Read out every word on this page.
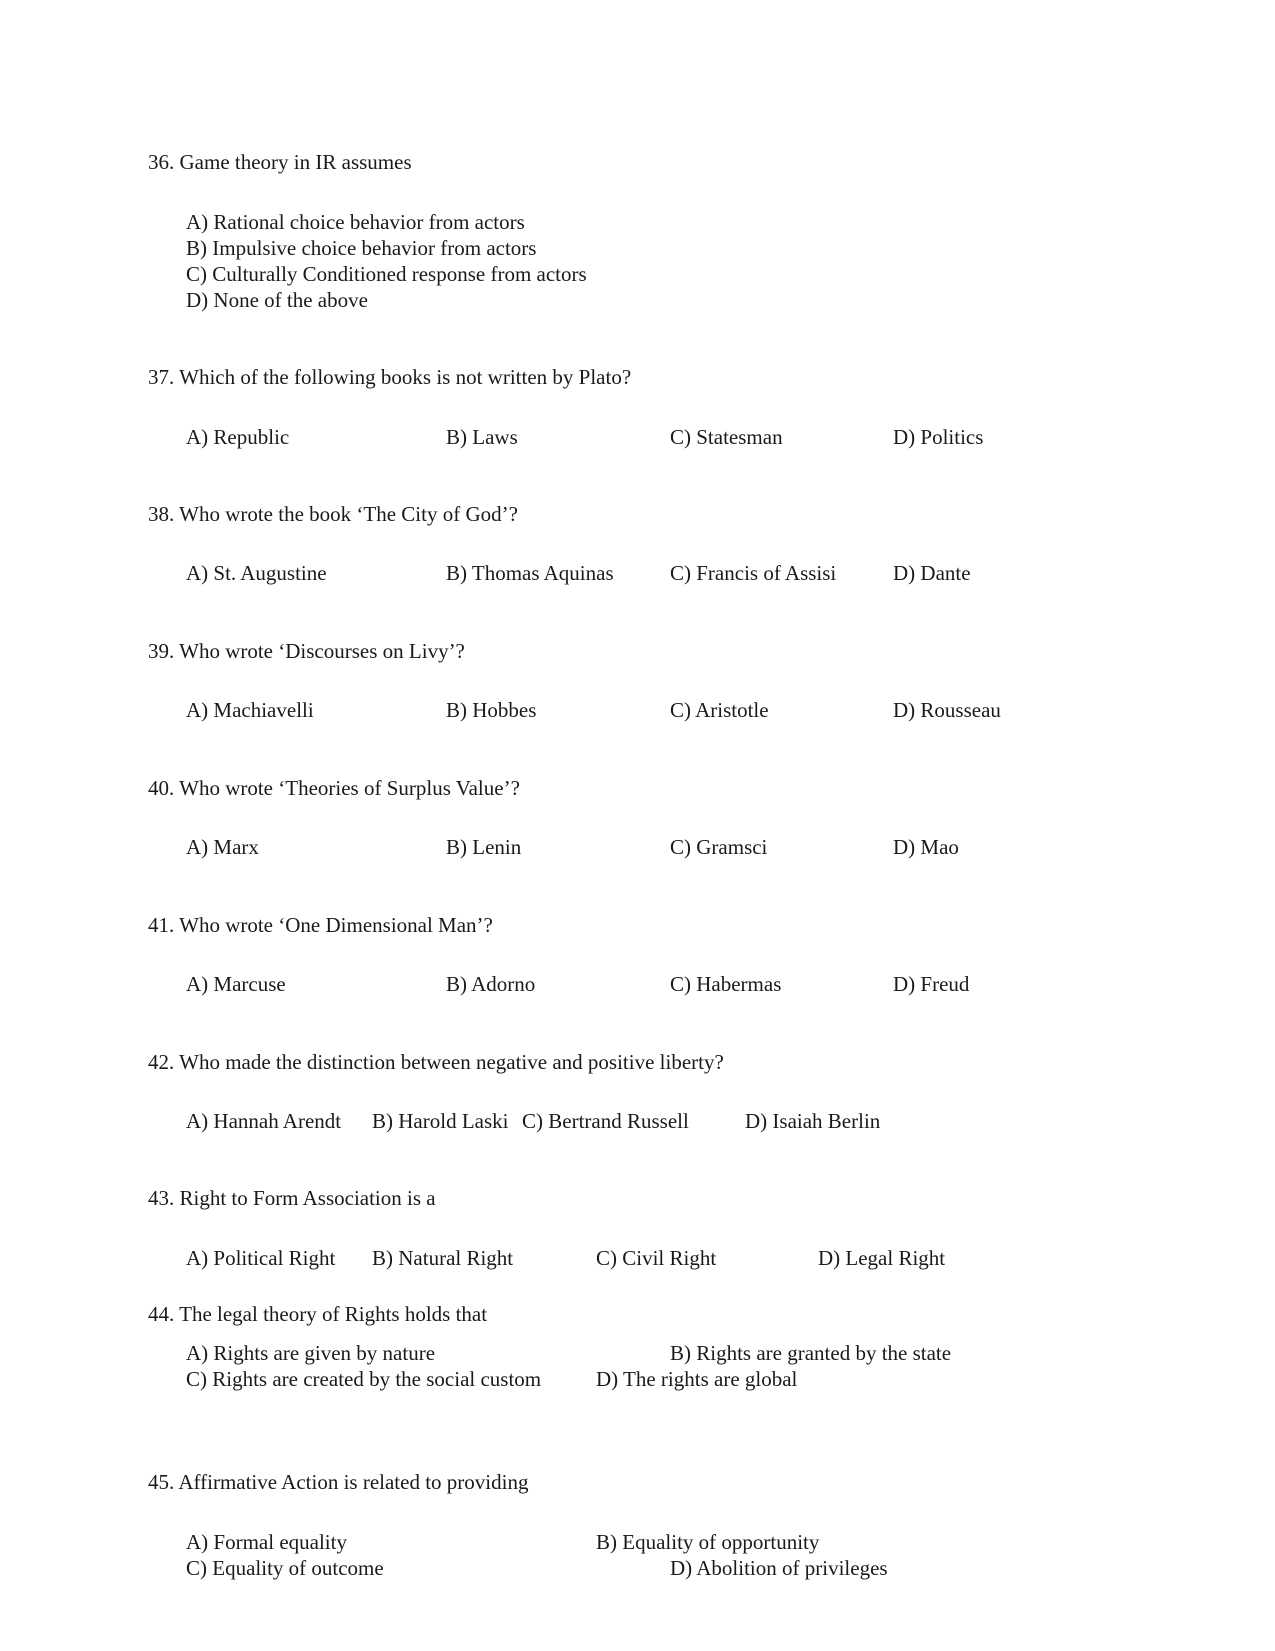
36. Game theory in IR assumes
A) Rational choice behavior from actors
B) Impulsive choice behavior from actors
C) Culturally Conditioned response from actors
D) None of the above
37. Which of the following books is not written by Plato?
A) Republic	B) Laws	C) Statesman	D) Politics
38. Who wrote the book ‘The City of God’?
A) St. Augustine	B) Thomas Aquinas	C) Francis of Assisi	D) Dante
39. Who wrote ‘Discourses on Livy’?
A) Machiavelli	B) Hobbes	C) Aristotle	D) Rousseau
40. Who wrote ‘Theories of Surplus Value’?
A) Marx	B) Lenin	C) Gramsci	D) Mao
41. Who wrote ‘One Dimensional Man’?
A) Marcuse	B) Adorno	C) Habermas	D) Freud
42. Who made the distinction between negative and positive liberty?
A) Hannah Arendt B) Harold Laski C) Bertrand Russell	D) Isaiah Berlin
43. Right to Form Association is a
A) Political Right B) Natural Right	C) Civil Right	D) Legal Right
44. The legal theory of Rights holds that
A) Rights are given by nature	B) Rights are granted by the state
C) Rights are created by the social custom	D) The rights are global
45. Affirmative Action is related to providing
A) Formal equality	B) Equality of opportunity
C) Equality of outcome	D) Abolition of privileges
